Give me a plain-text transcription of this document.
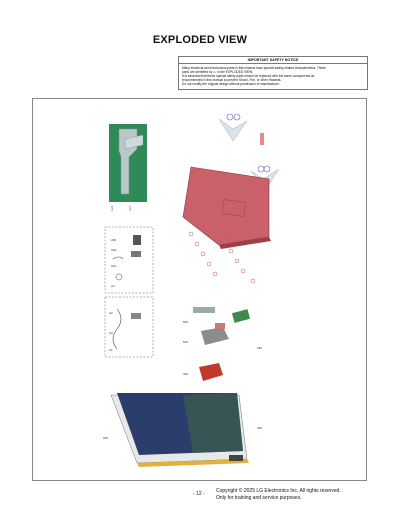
EXPLODED VIEW
IMPORTANT SAFETY NOTICE
Many electrical and mechanical parts in this chassis have special safety-related characteristics. These
parts are identified by ⚠ in the EXPLODED VIEW.
It is essential that these special safety parts should be replaced with the same components as
recommended in this manual to prevent Shock, Fire, or other Hazards.
Do not modify the original design without permission of manufacturer.
LV2	LV1
A50
A20
A21
A4
A2
A3
A1
500
510
530
300
200
300
- 12 - Copyright © 2025 LG Electronics Inc. All rights reserved.
Only for training and service purposes.
